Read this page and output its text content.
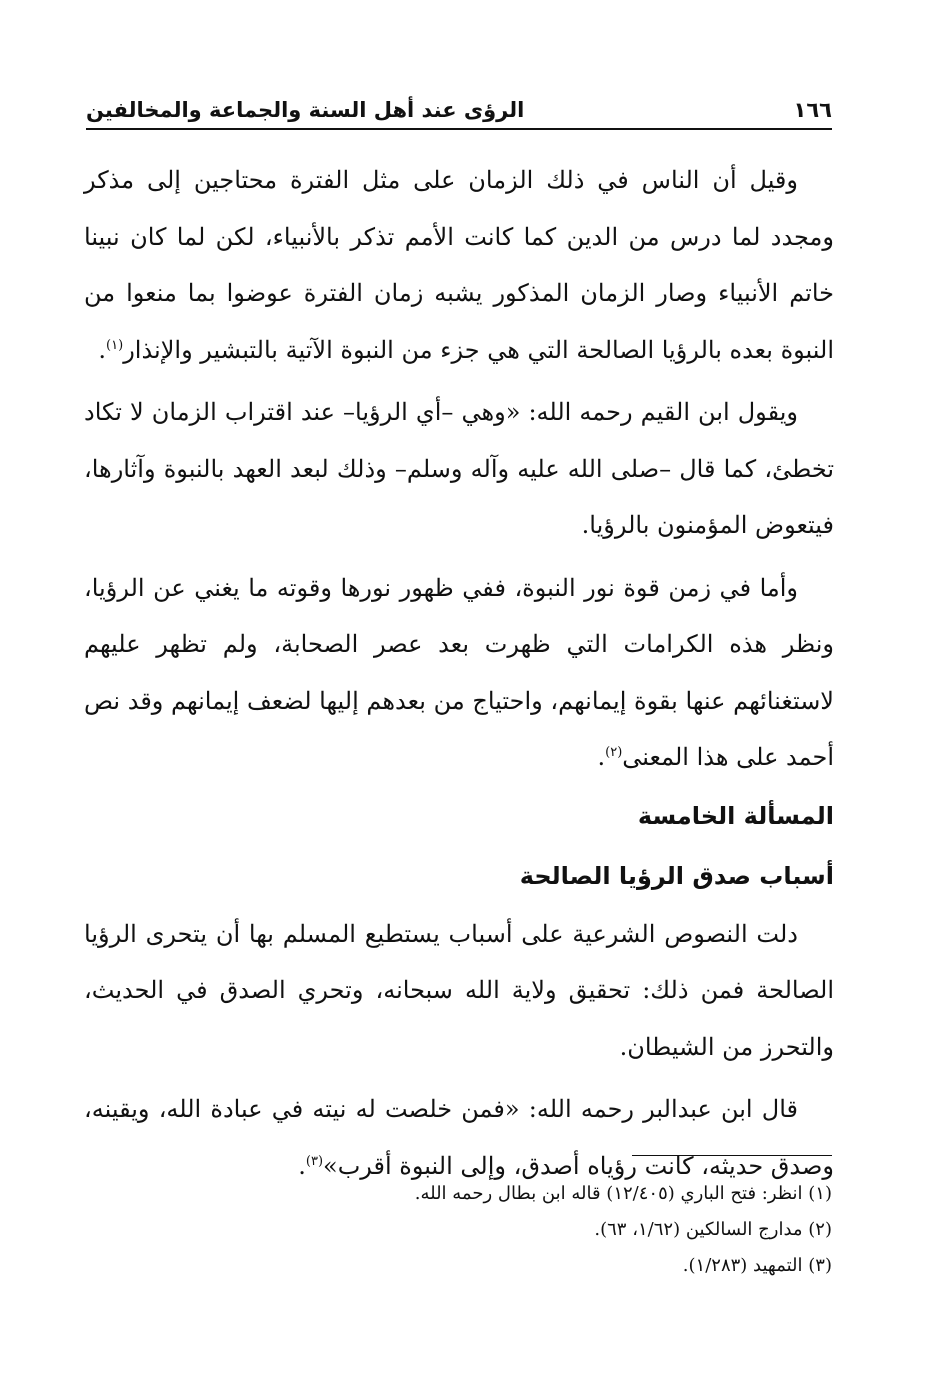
١٦٦
الرؤى عند أهل السنة والجماعة والمخالفين

وقيل أن الناس في ذلك الزمان على مثل الفترة محتاجين إلى مذكر ومجدد لما درس من الدين كما كانت الأمم تذكر بالأنبياء، لكن لما كان نبينا خاتم الأنبياء وصار الزمان المذكور يشبه زمان الفترة عوضوا بما منعوا من النبوة بعده بالرؤيا الصالحة التي هي جزء من النبوة الآتية بالتبشير والإنذار$^{(١)}$.

ويقول ابن القيم رحمه الله: «وهي –أي الرؤيا– عند اقتراب الزمان لا تكاد تخطئ، كما قال –صلى الله عليه وآله وسلم– وذلك لبعد العهد بالنبوة وآثارها، فيتعوض المؤمنون بالرؤيا.

وأما في زمن قوة نور النبوة، ففي ظهور نورها وقوته ما يغني عن الرؤيا، ونظر هذه الكرامات التي ظهرت بعد عصر الصحابة، ولم تظهر عليهم لاستغنائهم عنها بقوة إيمانهم، واحتياج من بعدهم إليها لضعف إيمانهم وقد نص أحمد على هذا المعنى$^{(٢)}$.

المسألة الخامسة
أسباب صدق الرؤيا الصالحة

دلت النصوص الشرعية على أسباب يستطيع المسلم بها أن يتحرى الرؤيا الصالحة فمن ذلك: تحقيق ولاية الله سبحانه، وتحري الصدق في الحديث، والتحرز من الشيطان.

قال ابن عبدالبر رحمه الله: «فمن خلصت له نيته في عبادة الله، ويقينه، وصدق حديثه، كانت رؤياه أصدق، وإلى النبوة أقرب»$^{(٣)}$.

(١) انظر: فتح الباري (١٢/٤٠٥) قاله ابن بطال رحمه الله.

(٢) مدارج السالكين (١/٦٢، ٦٣).

(٣) التمهيد (١/٢٨٣).
